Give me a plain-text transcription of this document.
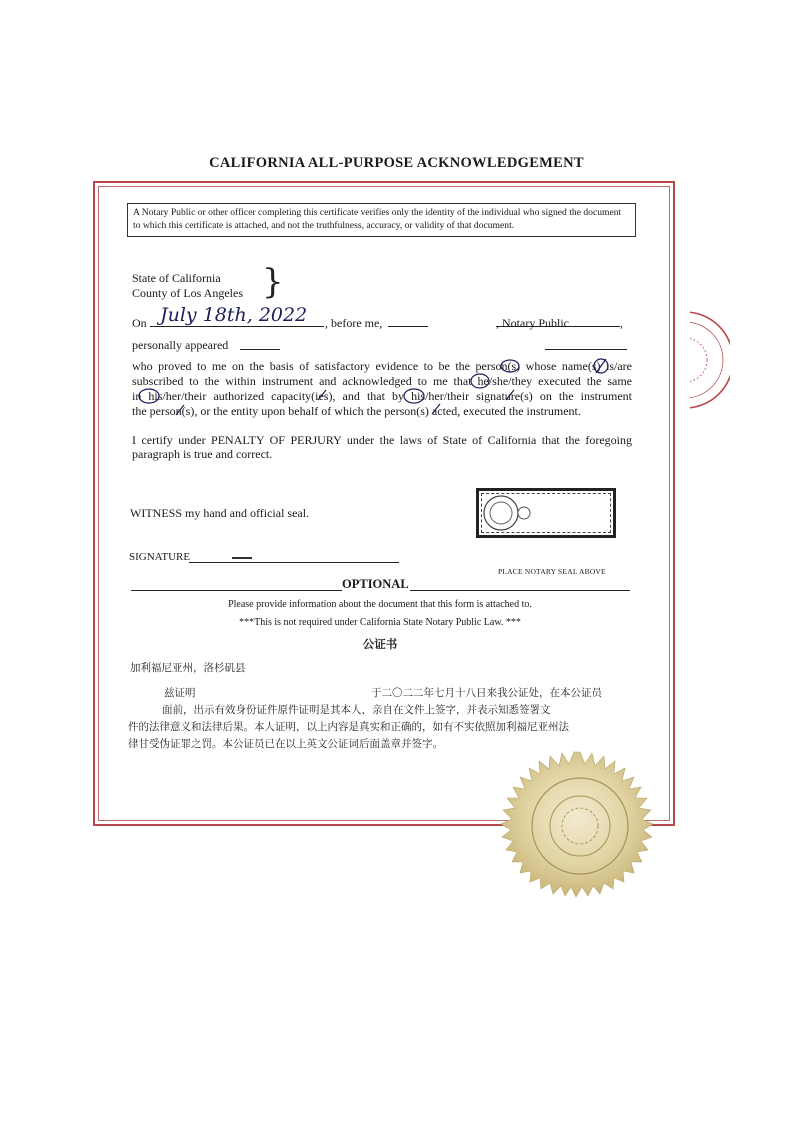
CALIFORNIA ALL-PURPOSE ACKNOWLEDGEMENT
A Notary Public or other officer completing this certificate verifies only the identity of the individual who signed the document to which this certificate is attached, and not the truthfulness, accuracy, or validity of that document.
State of California
County of Los Angeles }
On July 18th, 2022 , before me,	, Notary Public	,
personally appeared
who proved to me on the basis of satisfactory evidence to be the person(s) whose name(s) is/are
subscribed to the within instrument and acknowledged to me that he/she/they executed the same
in his/her/their authorized capacity(ies), and that by his/her/their signature(s) on the instrument
the person(s), or the entity upon behalf of which the person(s) acted, executed the instrument.
I certify under PENALTY OF PERJURY under the laws of State of California that the foregoing
paragraph is true and correct.
WITNESS my hand and official seal.
SIGNATURE
PLACE NOTARY SEAL ABOVE
OPTIONAL
Please provide information about the document that this form is attached to.
***This is not required under California State Notary Public Law. ***
公证书
加利福尼亚州，洛杉矶县
兹证明	于二〇二二年七月十八日来我公证处，在本公证员
面前，出示有效身份证件原件证明是其本人，亲自在文件上签字，并表示知悉签署文
件的法律意义和法律后果。本人证明，以上内容是真实和正确的，如有不实依照加利福尼亚州法
律甘受伪证罪之罚。本公证员已在以上英文公证词后面盖章并签字。
